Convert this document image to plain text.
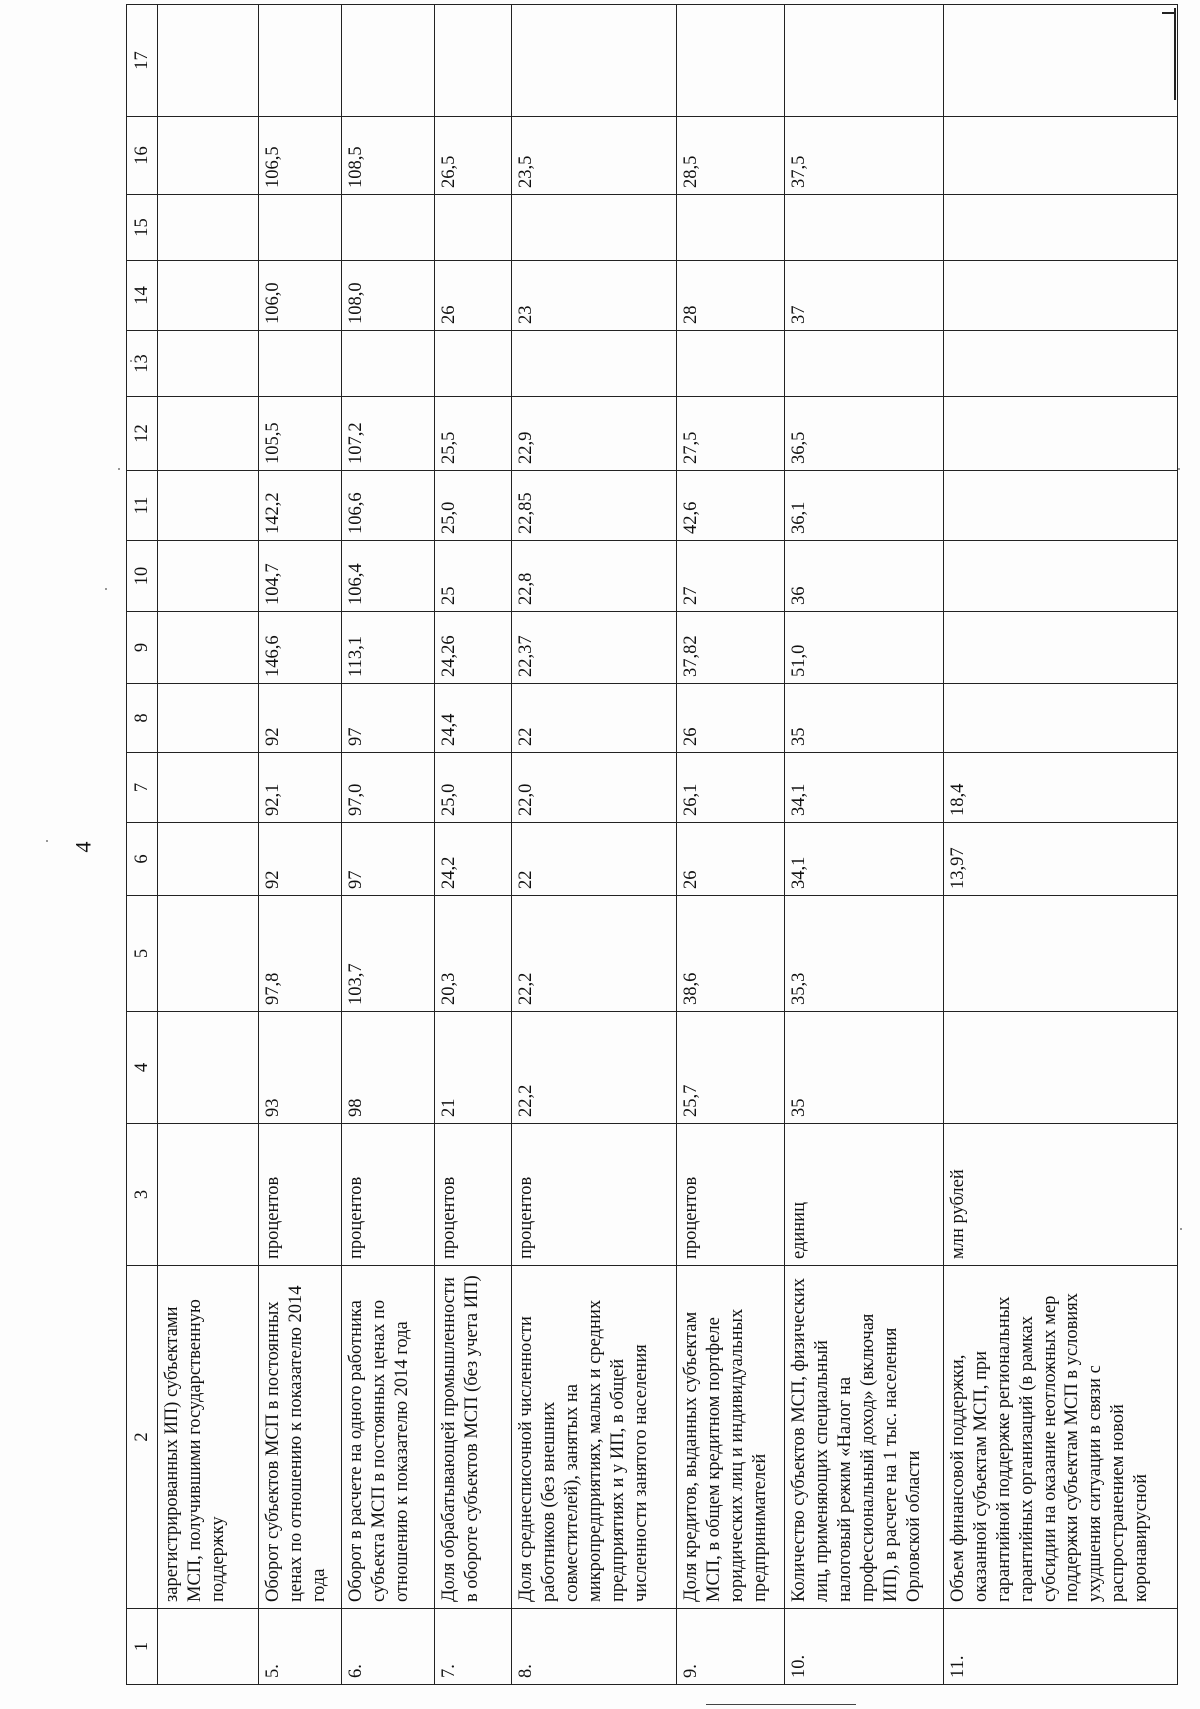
4
1	2	3	4	5	6	7	8	9	10	11	12	13	14	15	16	17
	зарегистрированных ИП) субъектами МСП, получившими государственную поддержку															
5.	Оборот субъектов МСП в постоянных ценах по отношению к показателю 2014 года	процентов	93	97,8	92	92,1	92	146,6	104,7	142,2	105,5		106,0		106,5	
6.	Оборот в расчете на одного работника субъекта МСП в постоянных ценах по отношению к показателю 2014 года	процентов	98	103,7	97	97,0	97	113,1	106,4	106,6	107,2		108,0		108,5	
7.	Доля обрабатывающей промышленности в обороте субъектов МСП (без учета ИП)	процентов	21	20,3	24,2	25,0	24,4	24,26	25	25,0	25,5		26		26,5	
8.	Доля среднесписочной численности работников (без внешних совместителей), занятых на микропредприятиях, малых и средних предприятиях и у ИП, в общей численности занятого населения	процентов	22,2	22,2	22	22,0	22	22,37	22,8	22,85	22,9		23		23,5	
9.	Доля кредитов, выданных субъектам МСП, в общем кредитном портфеле юридических лиц и индивидуальных предпринимателей	процентов	25,7	38,6	26	26,1	26	37,82	27	42,6	27,5		28		28,5	
10.	Количество субъектов МСП, физических лиц, применяющих специальный налоговый режим «Налог на профессиональный доход» (включая ИП), в расчете на 1 тыс. населения Орловской области	единиц	35	35,3	34,1	34,1	35	51,0	36	36,1	36,5		37		37,5	
11.	Объем финансовой поддержки, оказанной субъектам МСП, при гарантийной поддержке региональных гарантийных организаций (в рамках субсидии на оказание неотложных мер поддержки субъектам МСП в условиях ухудшения ситуации в связи с распространением новой коронавирусной	млн рублей			13,97	18,4										
